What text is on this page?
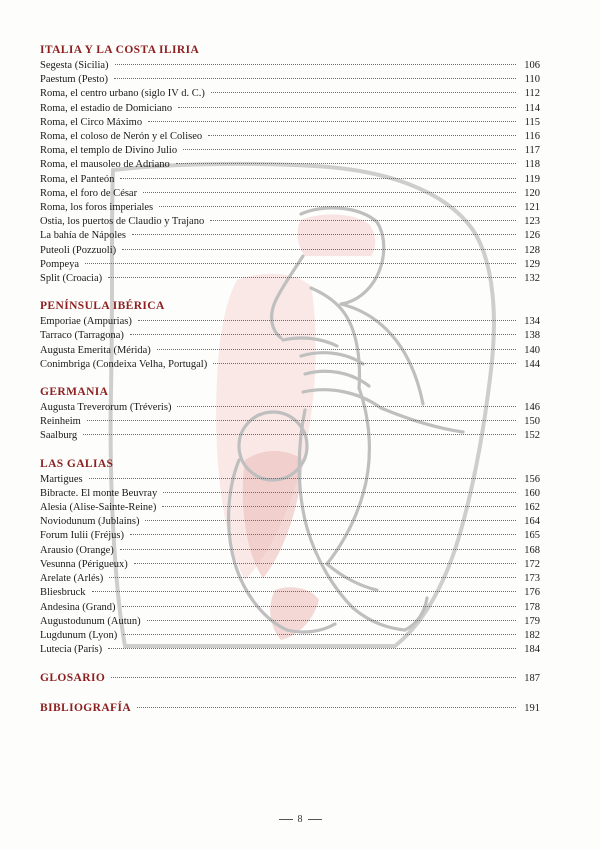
ITALIA Y LA COSTA ILIRIA
Segesta (Sicilia)	106
Paestum (Pesto)	110
Roma, el centro urbano (siglo IV d. C.)	112
Roma, el estadio de Domiciano	114
Roma, el Circo Máximo	115
Roma, el coloso de Nerón y el Coliseo	116
Roma, el templo de Divino Julio	117
Roma, el mausoleo de Adriano	118
Roma, el Panteón	119
Roma, el foro de César	120
Roma, los foros imperiales	121
Ostia, los puertos de Claudio y Trajano	123
La bahía de Nápoles	126
Puteoli (Pozzuoli)	128
Pompeya	129
Split (Croacia)	132
PENÍNSULA IBÉRICA
Emporiae (Ampurias)	134
Tarraco (Tarragona)	138
Augusta Emerita (Mérida)	140
Conimbriga (Condeixa Velha, Portugal)	144
GERMANIA
Augusta Treverorum (Tréveris)	146
Reinheim	150
Saalburg	152
LAS GALIAS
Martigues	156
Bibracte. El monte Beuvray	160
Alesia (Alise-Sainte-Reine)	162
Noviodunum (Jublains)	164
Forum Iulii (Fréjus)	165
Arausio (Orange)	168
Vesunna (Périgueux)	172
Arelate (Arlés)	173
Bliesbruck	176
Andesina (Grand)	178
Augustodunum (Autun)	179
Lugdunum (Lyon)	182
Lutecia (París)	184
GLOSARIO	187
BIBLIOGRAFÍA	191
8
